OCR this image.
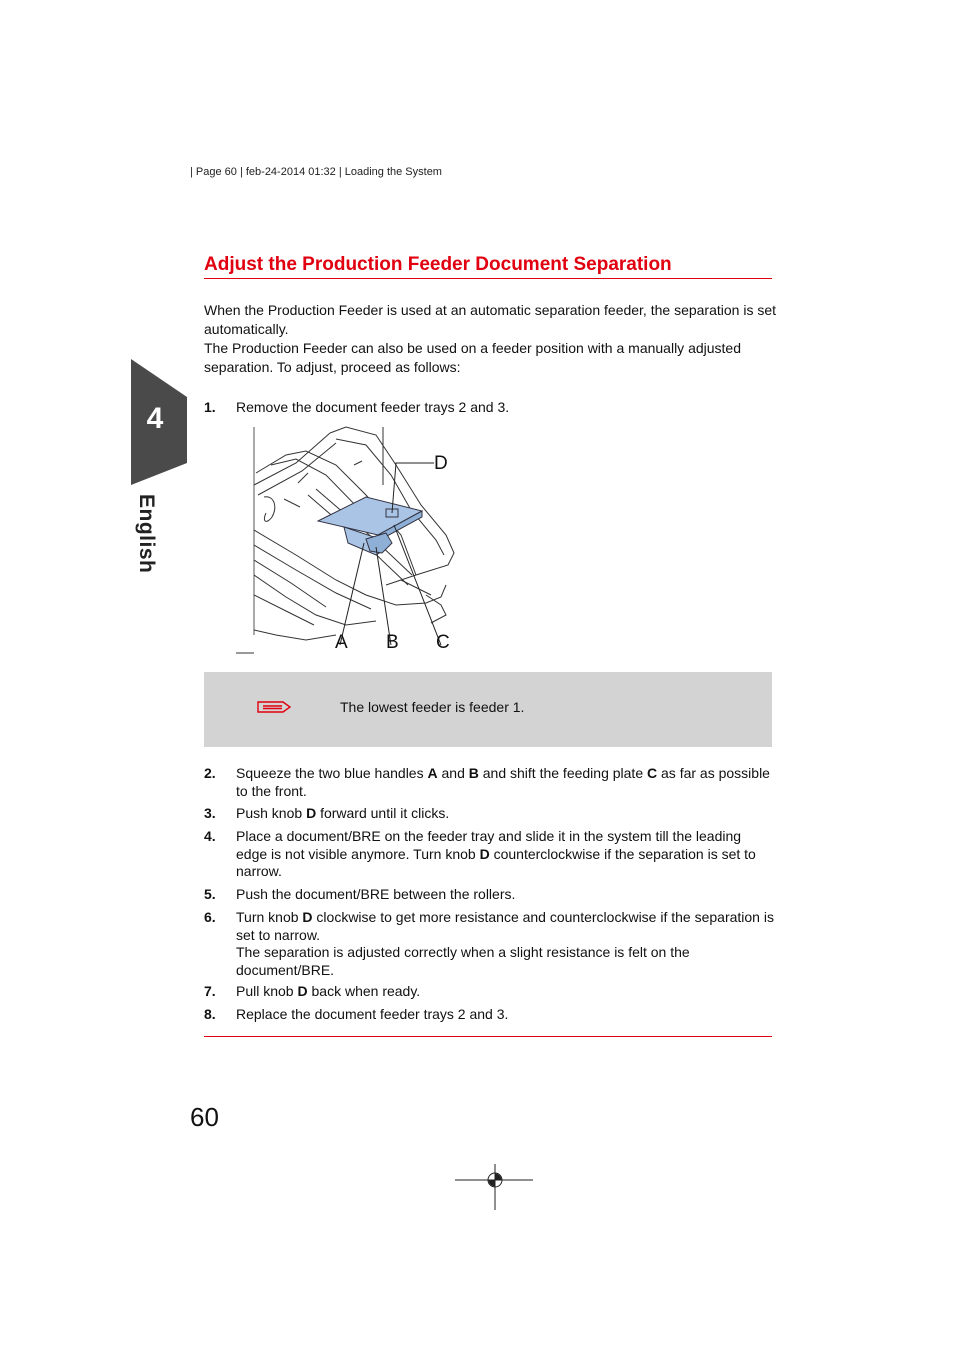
| Page 60 | feb-24-2014 01:32 | Loading the System
4
English
Adjust the Production Feeder Document Separation

When the Production Feeder is used at an automatic separation feeder, the separation is set automatically.

The Production Feeder can also be used on a feeder position with a manually adjusted separation. To adjust, proceed as follows:

1. Remove the document feeder trays 2 and 3.
D
A B C
The lowest feeder is feeder 1.
2. Squeeze the two blue handles A and B and shift the feeding plate C as far as possible to the front.
3. Push knob D forward until it clicks.
4. Place a document/BRE on the feeder tray and slide it in the system till the leading edge is not visible anymore. Turn knob D counterclockwise if the separation is set to narrow.
5. Push the document/BRE between the rollers.
6. Turn knob D clockwise to get more resistance and counterclockwise if the separation is set to narrow.
The separation is adjusted correctly when a slight resistance is felt on the document/BRE.
7. Pull knob D back when ready.
8. Replace the document feeder trays 2 and 3.
60
